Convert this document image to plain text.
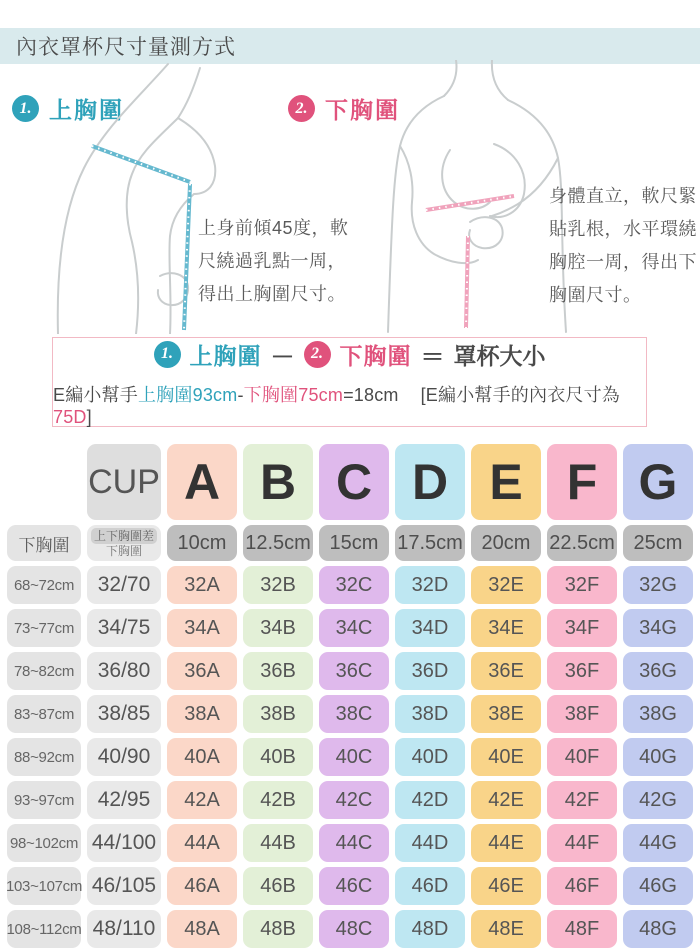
內衣罩杯尺寸量測方式
1. 上胸圍	2. 下胸圍
上身前傾45度，軟
尺繞過乳點一周，
得出上胸圍尺寸。
身體直立，軟尺緊
貼乳根，水平環繞
胸腔一周，得出下
胸圍尺寸。
1. 上胸圍 －	2. 下胸圍 ＝ 罩杯大小
E編小幫手上胸圍93cm-下胸圍75cm=18cm [E編小幫手的內衣尺寸為75D]
CUP A B C D E F G
下胸圍	上下胸圍差
下胸圍	10cm 12.5cm 15cm 17.5cm 20cm 22.5cm 25cm
68~72cm	32/70	32A	32B	32C	32D	32E	32F	32G
73~77cm	34/75	34A	34B	34C	34D	34E	34F	34G
78~82cm	36/80	36A	36B	36C	36D	36E	36F	36G
83~87cm	38/85	38A	38B	38C	38D	38E	38F	38G
88~92cm	40/90	40A	40B	40C	40D	40E	40F	40G
93~97cm	42/95	42A	42B	42C	42D	42E	42F	42G
98~102cm 44/100	44A	44B	44C	44D	44E	44F	44G
103~107cm 46/105	46A	46B	46C	46D	46E	46F	46G
108~112cm 48/110	48A	48B	48C	48D	48E	48F	48G
